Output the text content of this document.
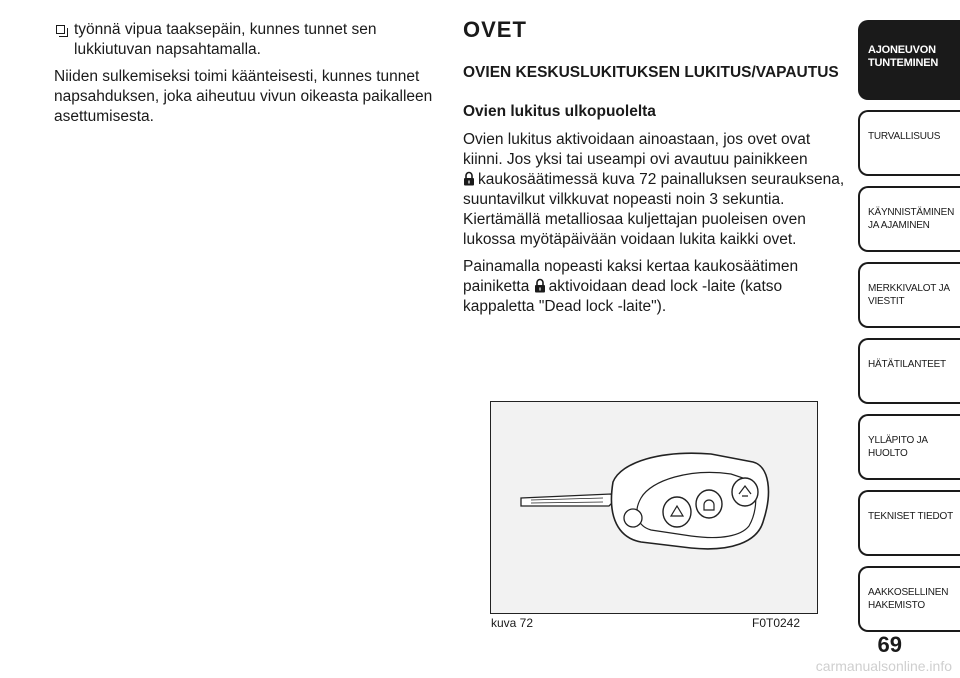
työnnä vipua taaksepäin, kunnes tunnet sen lukkiutuvan napsahtamalla.

Niiden sulkemiseksi toimi käänteisesti, kunnes tunnet napsahduksen, joka aiheutuu vivun oikeasta paikalleen asettumisesta.

OVET
OVIEN KESKUSLUKITUKSEN LUKITUS/VAPAUTUS
Ovien lukitus ulkopuolelta

Ovien lukitus aktivoidaan ainoastaan, jos ovet ovat kiinni. Jos yksi tai useampi ovi avautuu painikkeen
kaukosäätimessä kuva 72 painalluksen seurauksena, suuntavilkut vilkkuvat nopeasti noin 3 sekuntia. Kiertämällä metalliosaa kuljettajan puoleisen oven lukossa myötäpäivään voidaan lukita kaikki ovet.

Painamalla nopeasti kaksi kertaa kaukosäätimen painiketta aktivoidaan dead lock -laite (katso kappaletta "Dead lock -laite").

kuva 72	F0T0242
AJONEUVON
TUNTEMINEN
TURVALLISUUS
KÄYNNISTÄMINEN
JA AJAMINEN
MERKKIVALOT JA
VIESTIT
HÄTÄTILANTEET
YLLÄPITO JA HUOLTO
TEKNISET TIEDOT
AAKKOSELLINEN
HAKEMISTO
69
carmanualsonline.info
